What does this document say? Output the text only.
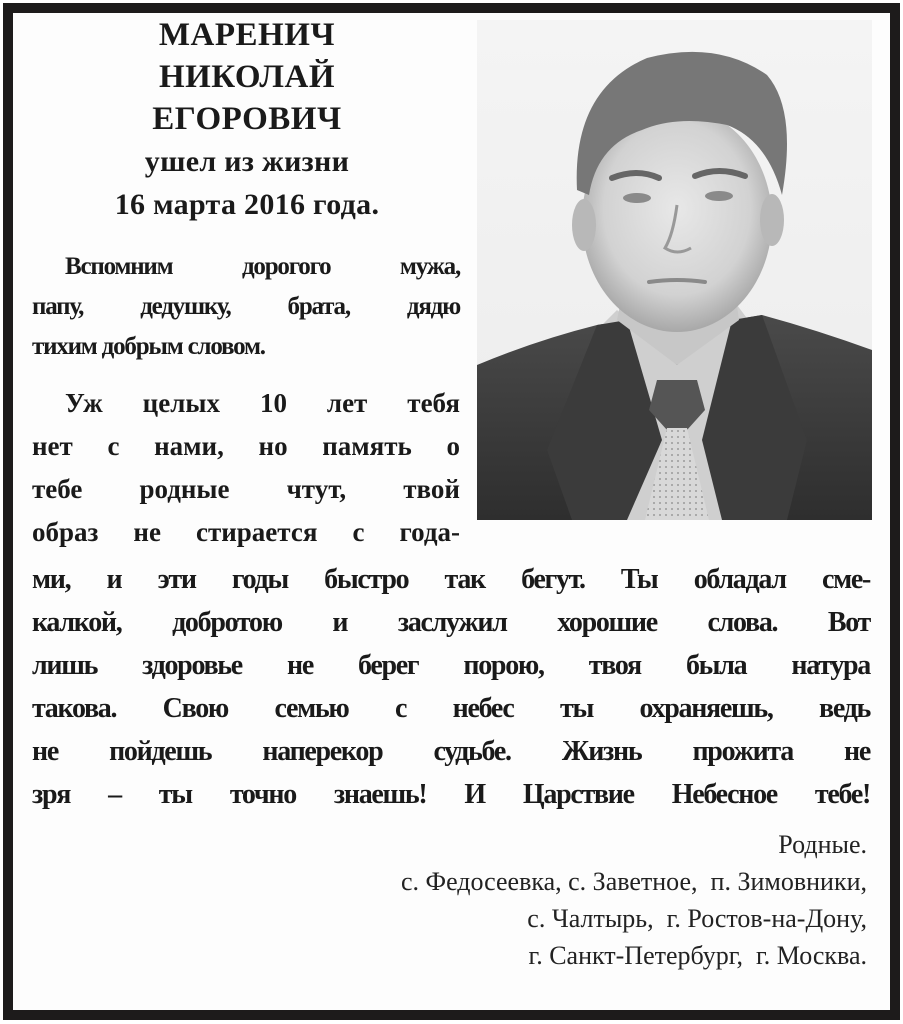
МАРЕНИЧ
НИКОЛАЙ
ЕГОРОВИЧ
ушел из жизни
16 марта 2016 года.
Вспомним дорогого мужа,
папу, дедушку, брата, дядю
тихим добрым словом.
Уж целых 10 лет тебя
нет с нами, но память о
тебе родные чтут, твой
образ не стирается с года-
ми, и эти годы быстро так бегут. Ты обладал сме-
калкой, добротою и заслужил хорошие слова. Вот
лишь здоровье не берег порою, твоя была натура
такова. Свою семью с небес ты охраняешь, ведь
не пойдешь наперекор судьбе. Жизнь прожита не
зря – ты точно знаешь! И Царствие Небесное тебе!
Родные.
с. Федосеевка, с. Заветное,  п. Зимовники,
с. Чалтырь,  г. Ростов-на-Дону,
г. Санкт-Петербург,  г. Москва.
